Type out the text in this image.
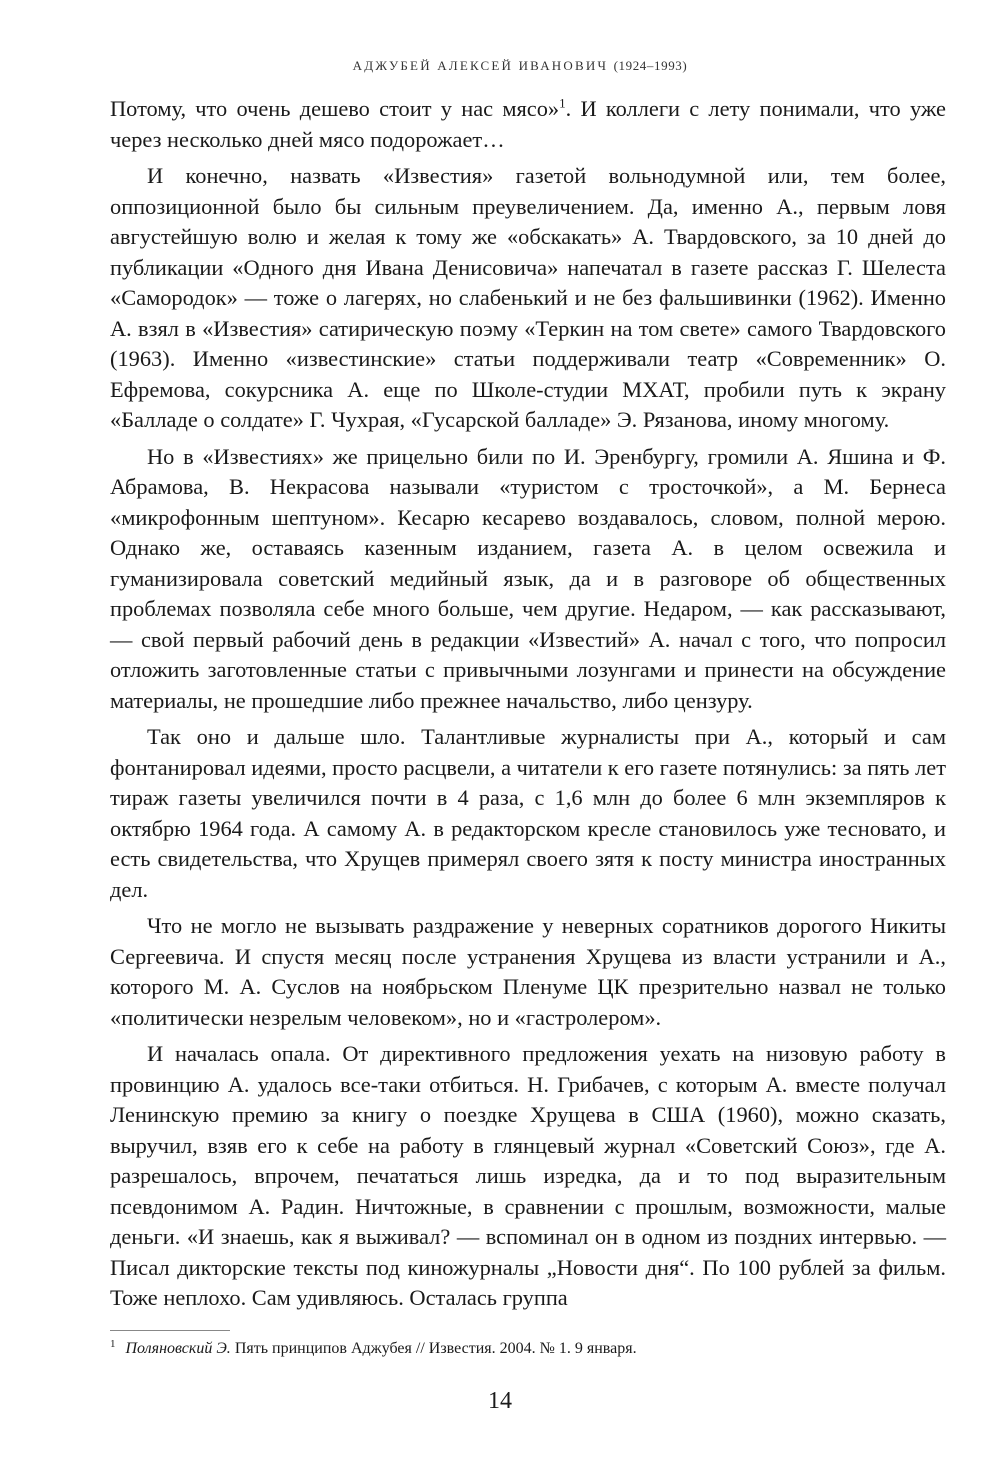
АДЖУБЕЙ АЛЕКСЕЙ ИВАНОВИЧ (1924–1993)

Потому, что очень дешево стоит у нас мясо»$^1$. И коллеги с лету понимали, что уже через несколько дней мясо подорожает…

И конечно, назвать «Известия» газетой вольнодумной или, тем более, оппозиционной было бы сильным преувеличением. Да, именно А., первым ловя августейшую волю и желая к тому же «обскакать» А. Твардовского, за 10 дней до публикации «Одного дня Ивана Денисовича» напечатал в газете рассказ Г. Шелеста «Самородок» — тоже о лагерях, но слабенький и не без фальшивинки (1962). Именно А. взял в «Известия» сатирическую поэму «Теркин на том свете» самого Твардовского (1963). Именно «известинские» статьи поддерживали театр «Современник» О. Ефремова, сокурсника А. еще по Школе-студии МХАТ, пробили путь к экрану «Балладе о солдате» Г. Чухрая, «Гусарской балладе» Э. Рязанова, иному многому.

Но в «Известиях» же прицельно били по И. Эренбургу, громили А. Яшина и Ф. Абрамова, В. Некрасова называли «туристом с тросточкой», а М. Бернеса «микрофонным шептуном». Кесарю кесарево воздавалось, словом, полной мерою. Однако же, оставаясь казенным изданием, газета А. в целом освежила и гуманизировала советский медийный язык, да и в разговоре об общественных проблемах позволяла себе много больше, чем другие. Недаром, — как рассказывают, — свой первый рабочий день в редакции «Известий» А. начал с того, что попросил отложить заготовленные статьи с привычными лозунгами и принести на обсуждение материалы, не прошедшие либо прежнее начальство, либо цензуру.

Так оно и дальше шло. Талантливые журналисты при А., который и сам фонтанировал идеями, просто расцвели, а читатели к его газете потянулись: за пять лет тираж газеты увеличился почти в 4 раза, с 1,6 млн до более 6 млн экземпляров к октябрю 1964 года. А самому А. в редакторском кресле становилось уже тесновато, и есть свидетельства, что Хрущев примерял своего зятя к посту министра иностранных дел.

Что не могло не вызывать раздражение у неверных соратников дорогого Никиты Сергеевича. И спустя месяц после устранения Хрущева из власти устранили и А., которого М. А. Суслов на ноябрьском Пленуме ЦК презрительно назвал не только «политически незрелым человеком», но и «гастролером».

И началась опала. От директивного предложения уехать на низовую работу в провинцию А. удалось все-таки отбиться. Н. Грибачев, с которым А. вместе получал Ленинскую премию за книгу о поездке Хрущева в США (1960), можно сказать, выручил, взяв его к себе на работу в глянцевый журнал «Советский Союз», где А. разрешалось, впрочем, печататься лишь изредка, да и то под выразительным псевдонимом А. Радин. Ничтожные, в сравнении с прошлым, возможности, малые деньги. «И знаешь, как я выживал? — вспоминал он в одном из поздних интервью. — Писал дикторские тексты под киножурналы „Новости дня“. По 100 рублей за фильм. Тоже неплохо. Сам удивляюсь. Осталась группа

$^1$ Поляновский Э. Пять принципов Аджубея // Известия. 2004. № 1. 9 января.
14
